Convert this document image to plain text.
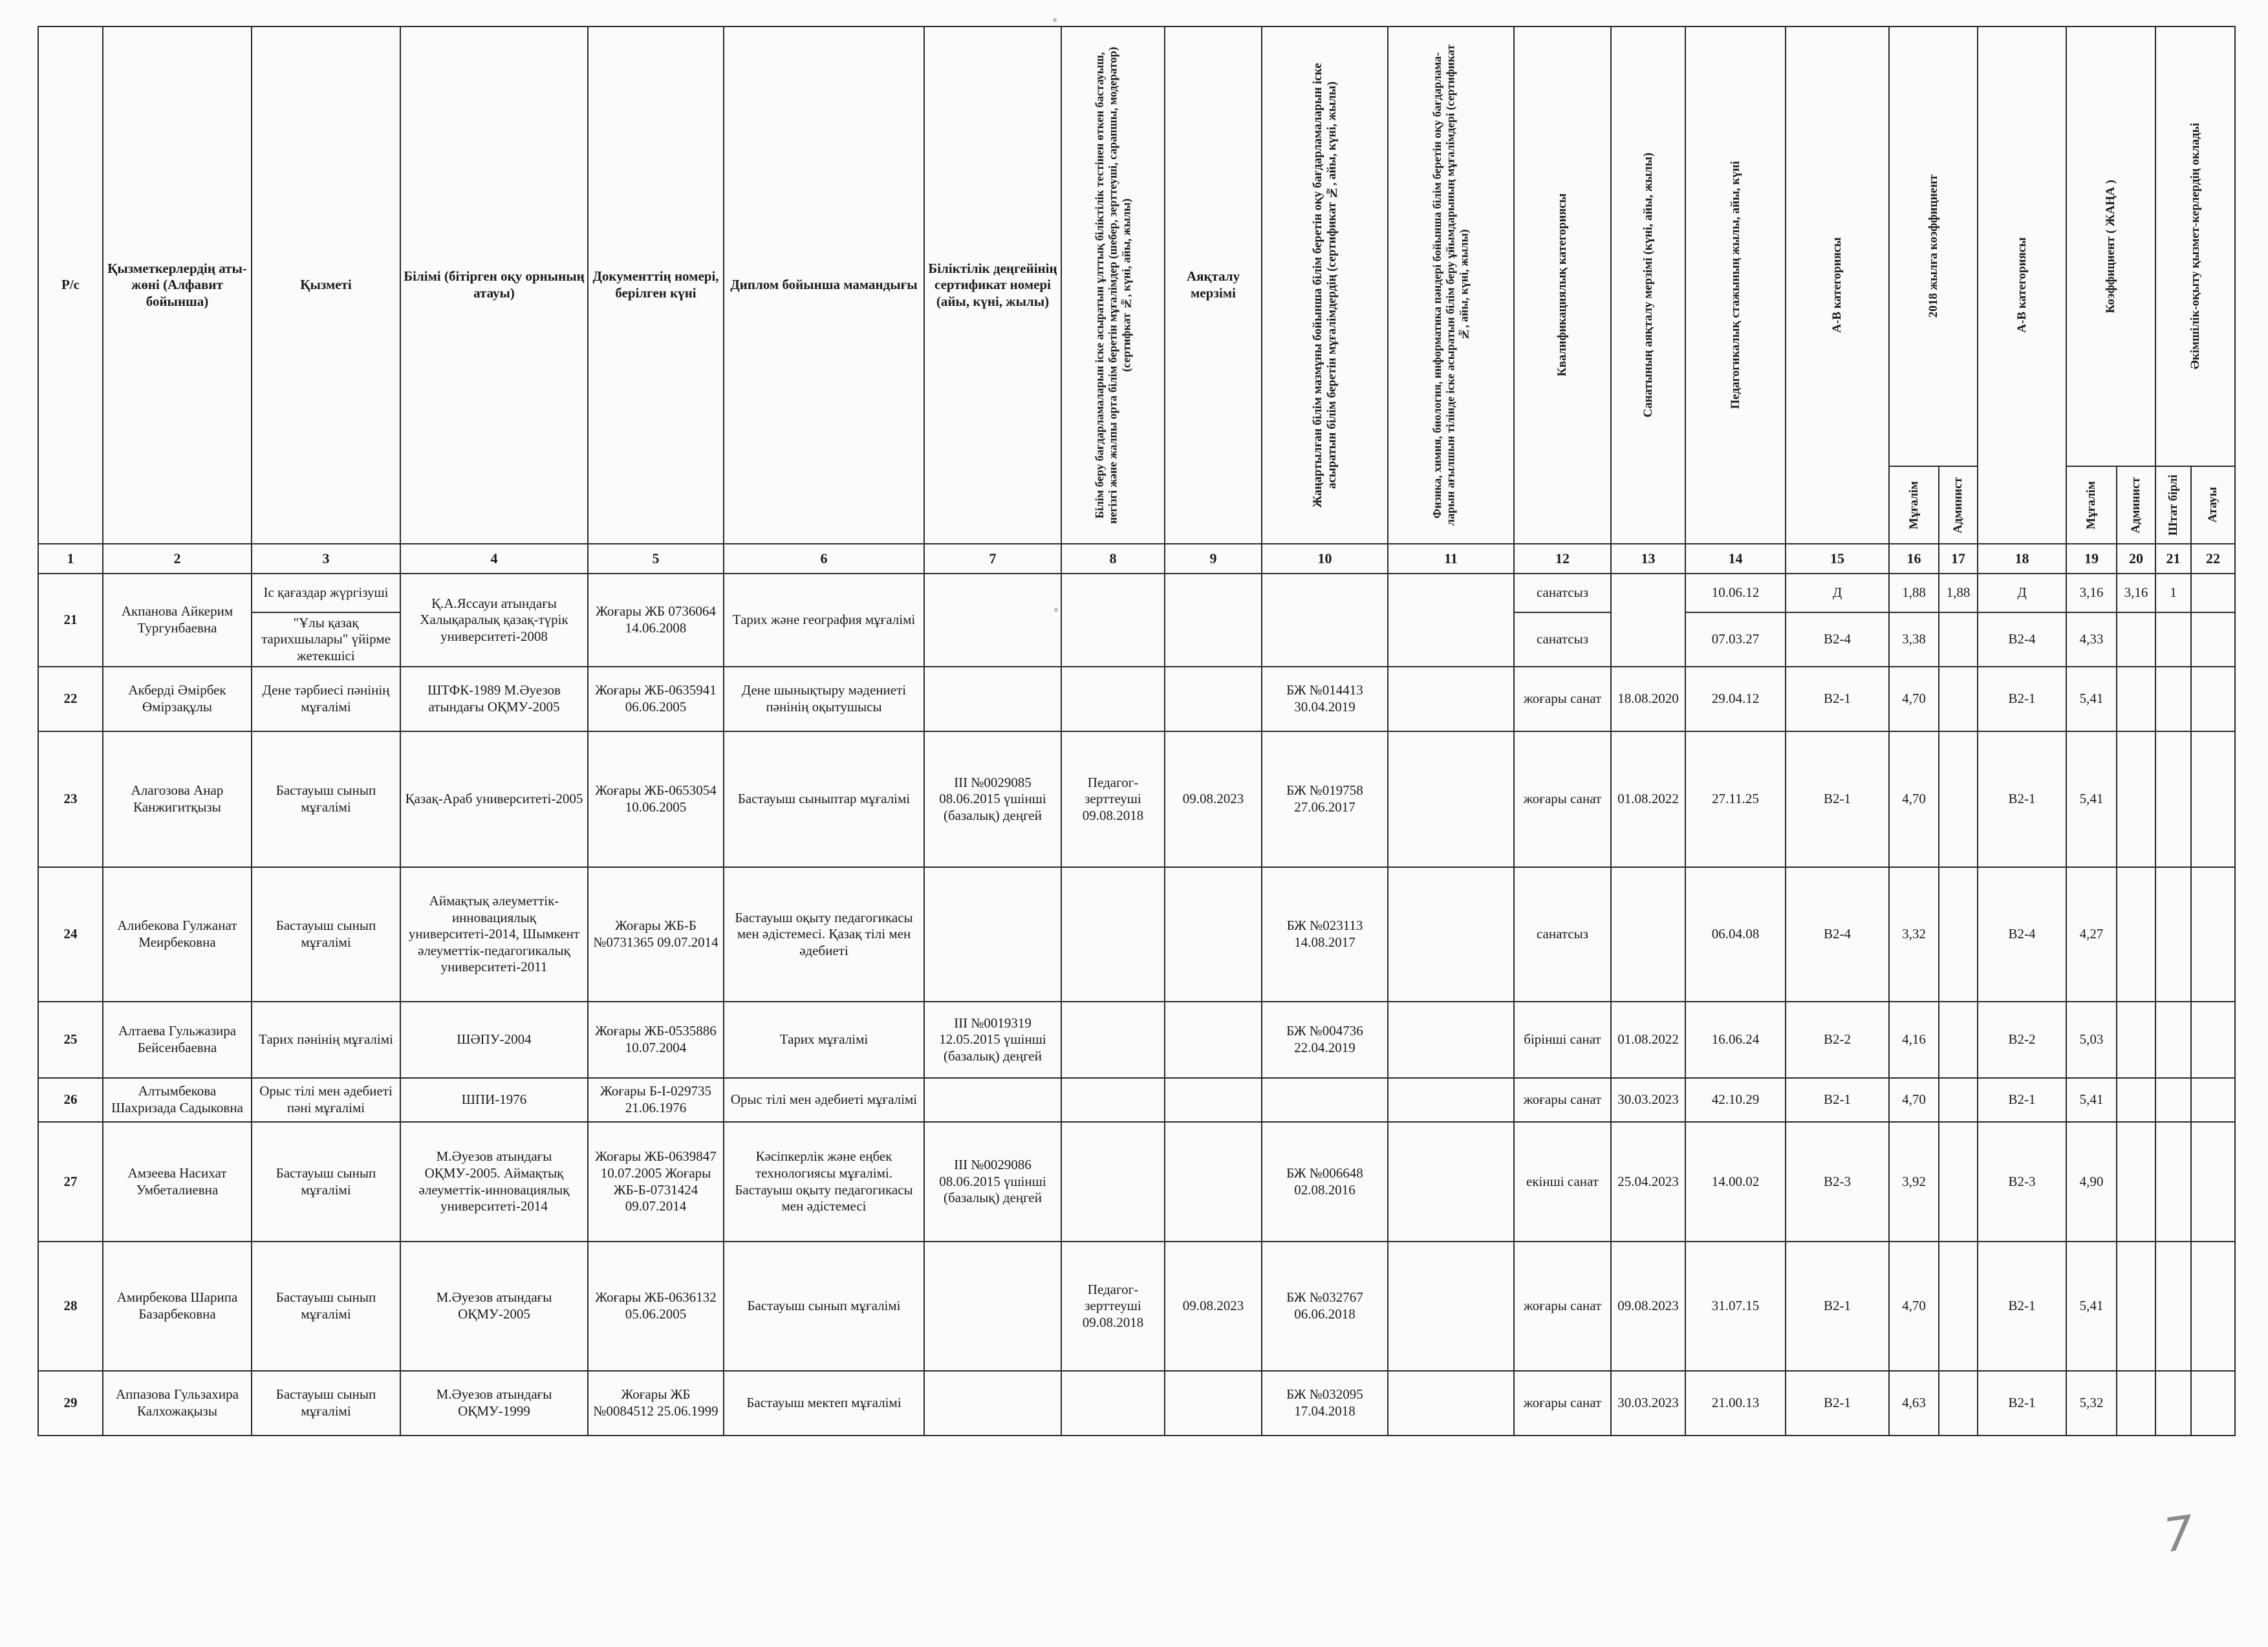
Р/с	Қызметкерлердің аты-жөні (Алфавит бойынша)	Қызметі	Білімі (бітірген оқу орнының атауы)	Документтің номері, берілген күні	Диплом бойынша мамандығы	Біліктілік деңгейінің сертификат номері (айы, күні, жылы)	Білім беру бағдарламаларын іске асыратын ұлттық біліктілік тестінен өткен бастауыш, негізгі және жалпы орта білім беретін мұғалімдер (шебер, зерттеуші, сарапшы, модератор) (сертифкат №, күні, айы, жылы)	Аяқталу мерзімі	Жаңартылған білім мазмұны бойынша білім беретін оқу бағдарламаларын іске асыратын білім беретін мұғалімдердің (сертификат №, айы, күні, жылы)	Физика, химия, биология, информатика пәндері бойынша білім беретін оқу бағдарлама-ларын ағылшын тілінде іске асыратын білім беру ұйымдарының мұғалімдері (сертификат №, айы, күні, жылы)	Квалификациялық категориясы	Санатының аяқталу мерзімі (күні, айы, жылы)	Педагогикалық стажының жылы, айы, күні	А-В категориясы	2018 жылға коэффициент		А-В категориясы	Коэффициент ( ЖАҢА )		Әкімшілік-оқыту қызмет-керлердің окладьі	

															Мұғалім	Админист		Мұғалім	Админист	Штат бірлі	Атауы

1	2	3	4	5	6	7	8	9	10	11	12	13	14	15	16	17	18	19	20	21	22
21	Акпанова Айкерим Тургунбаевна	Іс қағаздар жүргізуші	Қ.А.Яссауи атындағы Халықаралық қазақ-түрік университеті-2008	Жоғары ЖБ 0736064 14.06.2008	Тарих және география мұғалімі						санатсыз		10.06.12	Д	1,88	1,88	Д	3,16	3,16	1	
		"Ұлы қазақ тарихшылары" үйірме жетекшісі									санатсыз		07.03.27	В2-4	3,38		В2-4	4,33			
22	Акберді Әмірбек Өмірзақұлы	Дене тәрбиесі пәнінің мұғалімі	ШТФК-1989 М.Әуезов атындағы ОҚМУ-2005	Жоғары ЖБ-0635941 06.06.2005	Дене шынықтыру мәдениеті пәнінің оқытушысы				БЖ №014413 30.04.2019		жоғары санат	18.08.2020	29.04.12	В2-1	4,70		В2-1	5,41			
23	Алагозова Анар Канжигитқызы	Бастауыш сынып мұғалімі	Қазақ-Араб университеті-2005	Жоғары ЖБ-0653054 10.06.2005	Бастауыш сыныптар мұғалімі	ІІІ №0029085 08.06.2015 үшінші (базалық) деңгей	Педагог-зерттеуші 09.08.2018	09.08.2023	БЖ №019758 27.06.2017		жоғары санат	01.08.2022	27.11.25	В2-1	4,70		В2-1	5,41			
24	Алибекова Гулжанат Меирбековна	Бастауыш сынып мұғалімі	Аймақтық әлеуметтік-инновациялық университеті-2014, Шымкент әлеуметтік-педагогикалық университеті-2011	Жоғары ЖБ-Б №0731365 09.07.2014	Бастауыш оқыту педагогикасы мен әдістемесі. Қазақ тілі мен әдебиеті				БЖ №023113 14.08.2017		санатсыз		06.04.08	В2-4	3,32		В2-4	4,27			
25	Алтаева Гульжазира Бейсенбаевна	Тарих пәнінің мұғалімі	ШӘПУ-2004	Жоғары ЖБ-0535886 10.07.2004	Тарих мұғалімі	ІІІ №0019319 12.05.2015 үшінші (базалық) деңгей			БЖ №004736 22.04.2019		бірінші санат	01.08.2022	16.06.24	В2-2	4,16		В2-2	5,03			
26	Алтымбекова Шахризада Садыковна	Орыс тілі мен әдебиеті пәні мұғалімі	ШПИ-1976	Жоғары Б-І-029735 21.06.1976	Орыс тілі мен әдебиеті мұғалімі						жоғары санат	30.03.2023	42.10.29	В2-1	4,70		В2-1	5,41			
27	Амзеева Насихат Умбеталиевна	Бастауыш сынып мұғалімі	М.Әуезов атындағы ОҚМУ-2005. Аймақтық әлеуметтік-инновациялық университеті-2014	Жоғары ЖБ-0639847 10.07.2005 Жоғары ЖБ-Б-0731424 09.07.2014	Кәсіпкерлік және еңбек технологиясы мұғалімі. Бастауыш оқыту педагогикасы мен әдістемесі	ІІІ №0029086 08.06.2015 үшінші (базалық) деңгей			БЖ №006648 02.08.2016		екінші санат	25.04.2023	14.00.02	В2-3	3,92		В2-3	4,90			
28	Амирбекова Шарипа Базарбековна	Бастауыш сынып мұғалімі	М.Әуезов атындағы ОҚМУ-2005	Жоғары ЖБ-0636132 05.06.2005	Бастауыш сынып мұғалімі		Педагог-зерттеуші 09.08.2018	09.08.2023	БЖ №032767 06.06.2018		жоғары санат	09.08.2023	31.07.15	В2-1	4,70		В2-1	5,41			
29	Аппазова Гульзахира Калхожақызы	Бастауыш сынып мұғалімі	М.Әуезов атындағы ОҚМУ-1999	Жоғары ЖБ №0084512 25.06.1999	Бастауыш мектеп мұғалімі				БЖ №032095 17.04.2018		жоғары санат	30.03.2023	21.00.13	В2-1	4,63		В2-1	5,32			
7
